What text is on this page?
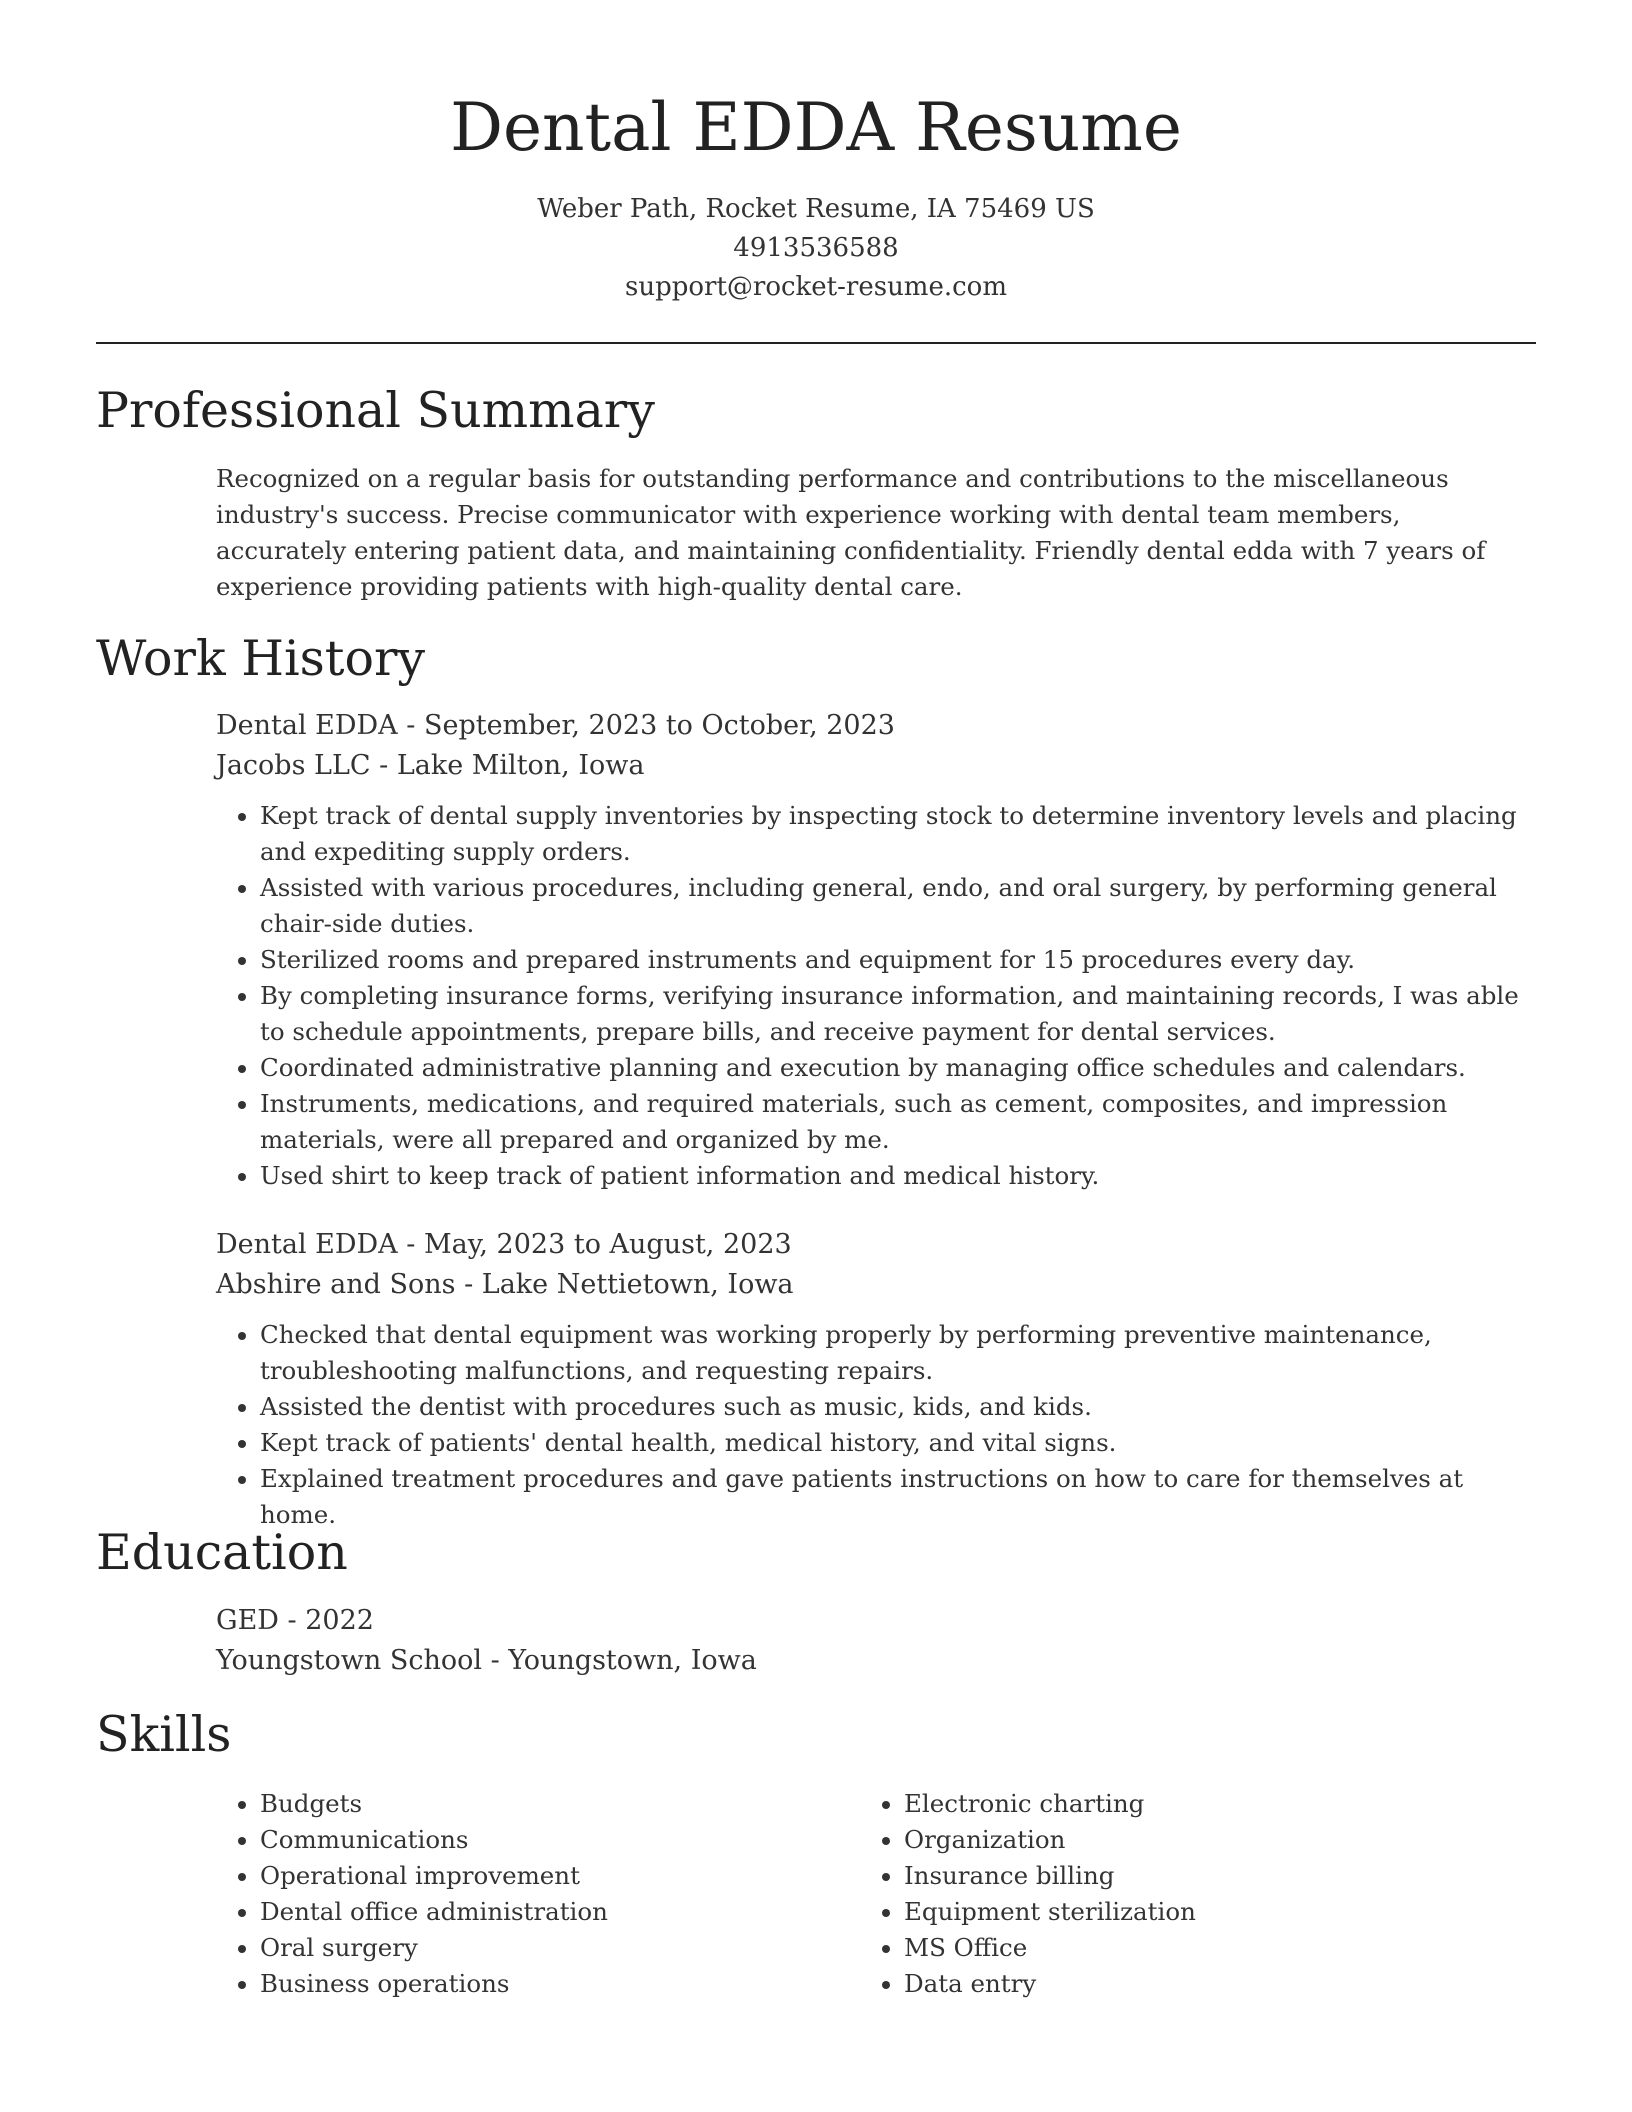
Dental EDDA Resume
Weber Path, Rocket Resume, IA 75469 US
4913536588
support@rocket-resume.com
Professional Summary

Recognized on a regular basis for outstanding performance and contributions to the miscellaneous industry's success. Precise communicator with experience working with dental team members, accurately entering patient data, and maintaining confidentiality. Friendly dental edda with 7 years of experience providing patients with high-quality dental care.

Work History

Dental EDDA - September, 2023 to October, 2023

Jacobs LLC - Lake Milton, Iowa

• Kept track of dental supply inventories by inspecting stock to determine inventory levels and placing and expediting supply orders.
• Assisted with various procedures, including general, endo, and oral surgery, by performing general chair-side duties.
• Sterilized rooms and prepared instruments and equipment for 15 procedures every day.
• By completing insurance forms, verifying insurance information, and maintaining records, I was able to schedule appointments, prepare bills, and receive payment for dental services.
• Coordinated administrative planning and execution by managing office schedules and calendars.
• Instruments, medications, and required materials, such as cement, composites, and impression materials, were all prepared and organized by me.
• Used shirt to keep track of patient information and medical history.

Dental EDDA - May, 2023 to August, 2023

Abshire and Sons - Lake Nettietown, Iowa

• Checked that dental equipment was working properly by performing preventive maintenance, troubleshooting malfunctions, and requesting repairs.
• Assisted the dentist with procedures such as music, kids, and kids.
• Kept track of patients' dental health, medical history, and vital signs.
• Explained treatment procedures and gave patients instructions on how to care for themselves at home.
Education

GED - 2022

Youngstown School - Youngstown, Iowa

Skills
• Budgets
• Communications
• Operational improvement
• Dental office administration
• Oral surgery
• Business operations
• Electronic charting
• Organization
• Insurance billing
• Equipment sterilization
• MS Office
• Data entry
